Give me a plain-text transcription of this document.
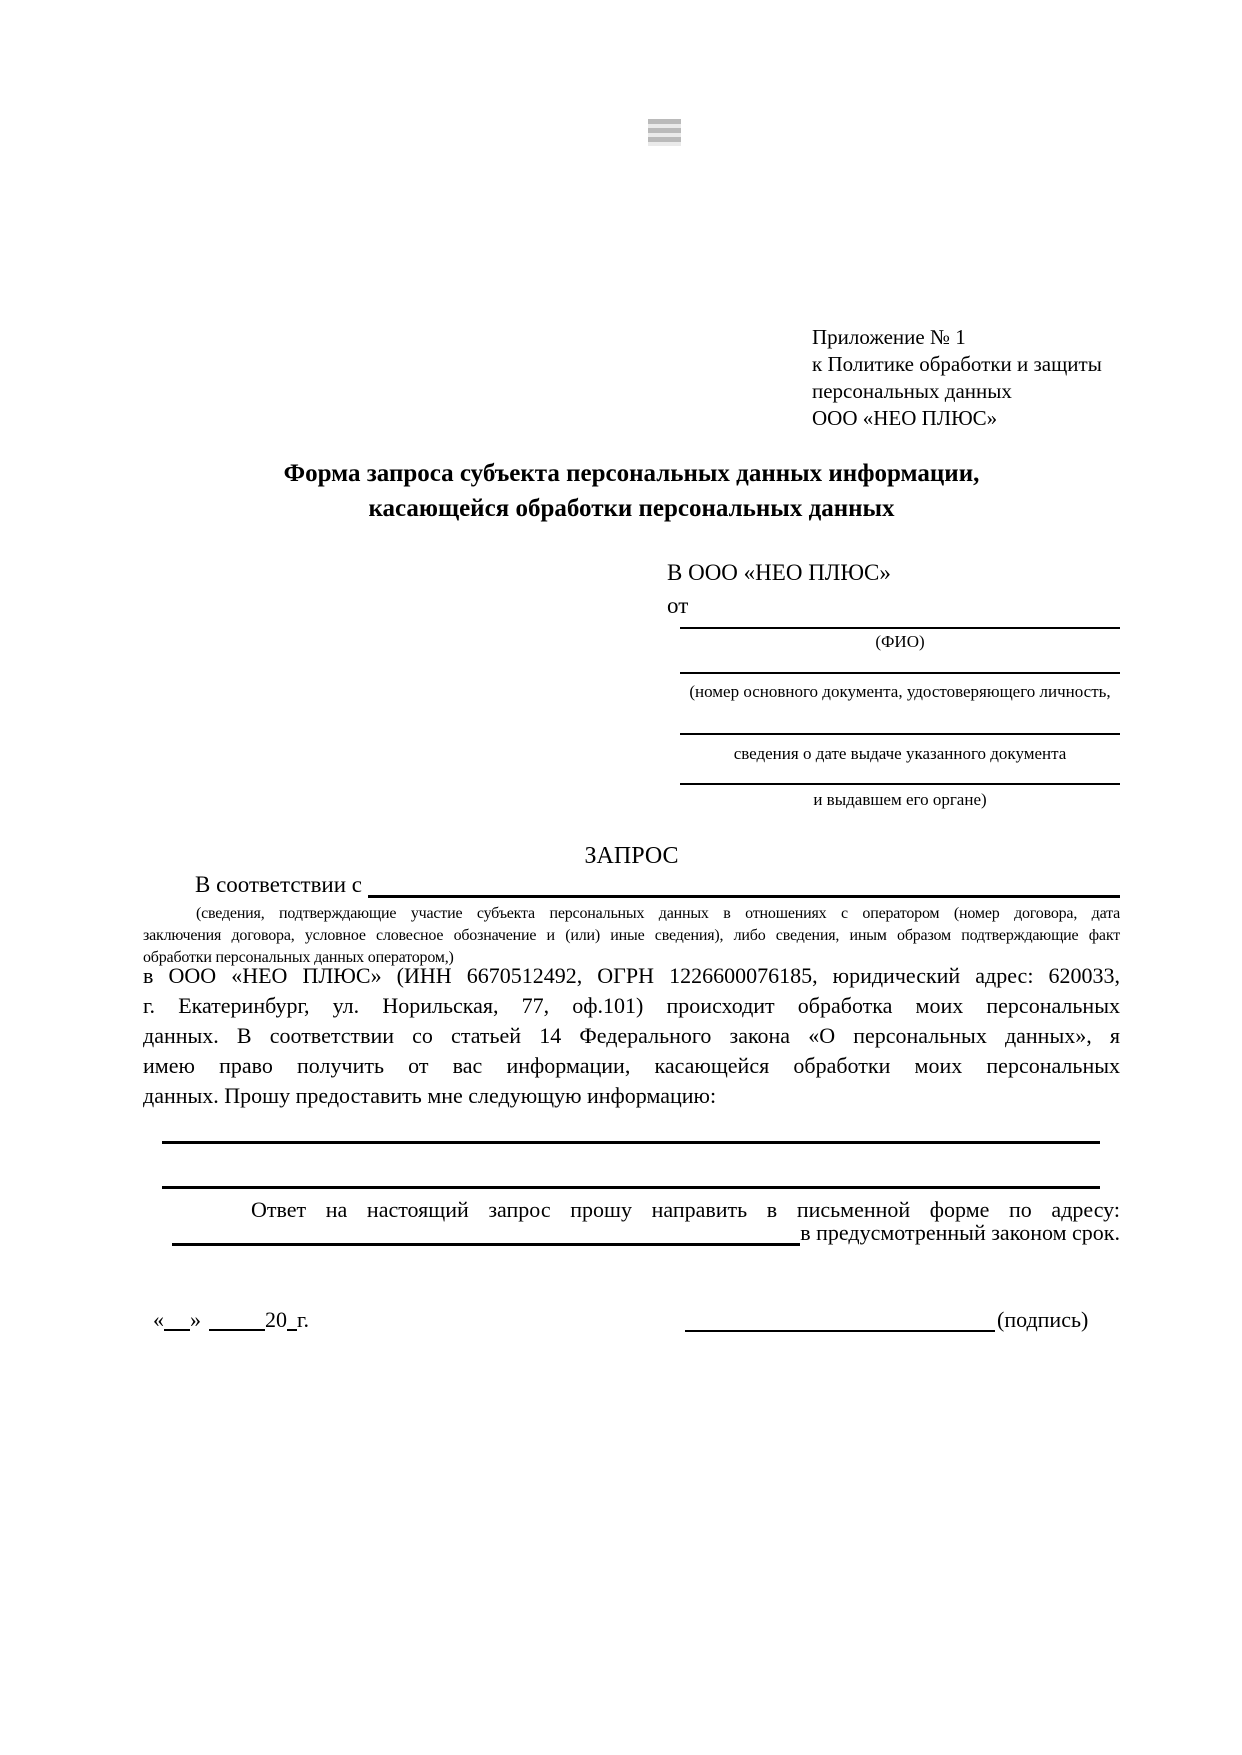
Приложение № 1
к Политике обработки и защиты
персональных данных
ООО «НЕО ПЛЮС»
Форма запроса субъекта персональных данных информации,
касающейся обработки персональных данных
В ООО «НЕО ПЛЮС»
от
(ФИО)
(номер основного документа, удостоверяющего личность,
сведения о дате выдаче указанного документа
и выдавшем его органе)
ЗАПРОС
В соответствии с
(сведения, подтверждающие участие субъекта персональных данных в отношениях с оператором (номер договора, дата
заключения договора, условное словесное обозначение и (или) иные сведения), либо сведения, иным образом подтверждающие факт
обработки персональных данных оператором,)
в ООО «НЕО ПЛЮС» (ИНН 6670512492, ОГРН 1226600076185, юридический адрес: 620033,
г. Екатеринбург, ул. Норильская, 77, оф.101) происходит обработка моих персональных
данных. В соответствии со статьей 14 Федерального закона «О персональных данных», я
имею право получить от вас информации, касающейся обработки моих персональных
данных. Прошу предоставить мне следующую информацию:
Ответ на настоящий запрос прошу направить в письменной форме по адресу:
в предусмотренный законом срок.
« »	20 г.	(подпись)
